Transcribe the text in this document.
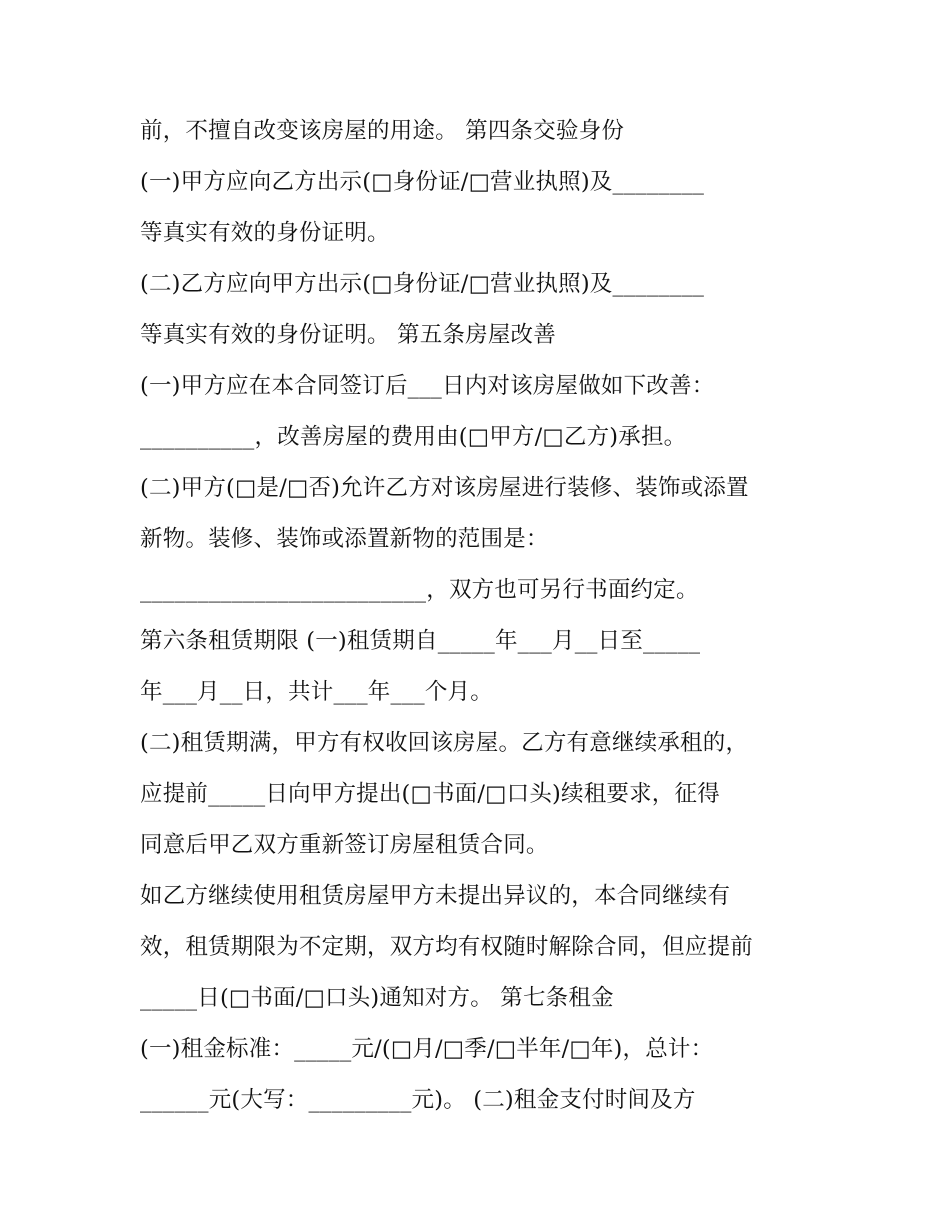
前，不擅自改变该房屋的用途。 第四条交验身份
(一)甲方应向乙方出示(□身份证/□营业执照)及________
等真实有效的身份证明。
(二)乙方应向甲方出示(□身份证/□营业执照)及________
等真实有效的身份证明。 第五条房屋改善
(一)甲方应在本合同签订后___日内对该房屋做如下改善：
__________，改善房屋的费用由(□甲方/□乙方)承担。
(二)甲方(□是/□否)允许乙方对该房屋进行装修、装饰或添置
新物。装修、装饰或添置新物的范围是：
_________________________，双方也可另行书面约定。
第六条租赁期限 (一)租赁期自_____年___月__日至_____
年___月__日，共计___年___个月。
(二)租赁期满，甲方有权收回该房屋。乙方有意继续承租的，
应提前_____日向甲方提出(□书面/□口头)续租要求，征得
同意后甲乙双方重新签订房屋租赁合同。
如乙方继续使用租赁房屋甲方未提出异议的，本合同继续有
效，租赁期限为不定期，双方均有权随时解除合同，但应提前
_____日(□书面/□口头)通知对方。 第七条租金
(一)租金标准：_____元/(□月/□季/□半年/□年)，总计：
______元(大写：_________元)。 (二)租金支付时间及方
